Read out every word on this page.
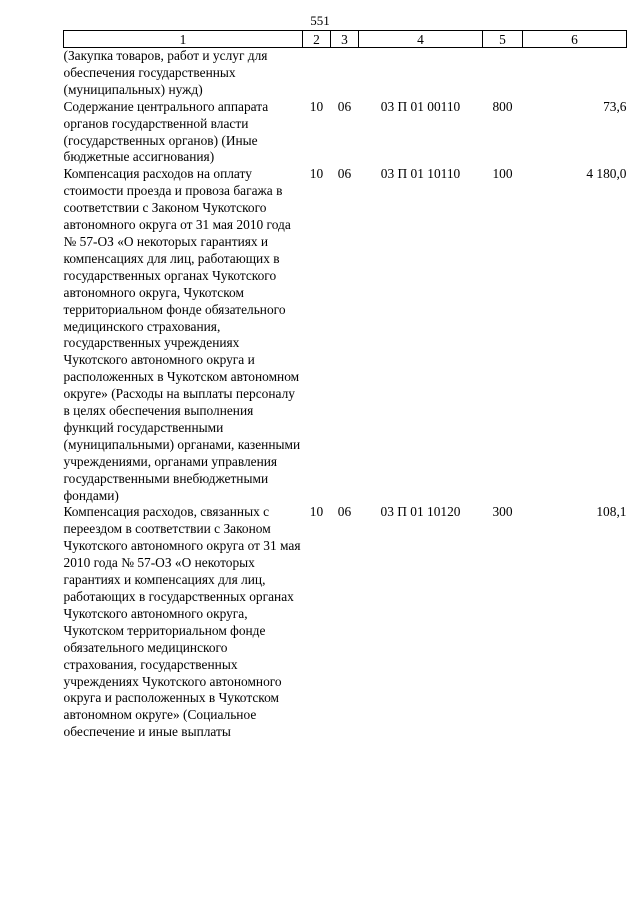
551
1	2	3	4	5	6
(Закупка товаров, работ и услуг для обеспечения государственных (муниципальных) нужд)					
Содержание центрального аппарата органов государственной власти (государственных органов) (Иные бюджетные ассигнования)	10	06	03 П 01 00110	800	73,6
Компенсация расходов на оплату стоимости проезда и провоза багажа в соответствии с Законом Чукотского автономного округа от 31 мая 2010 года № 57-ОЗ «О некоторых гарантиях и компенсациях для лиц, работающих в государственных органах Чукотского автономного округа, Чукотском территориальном фонде обязательного медицинского страхования, государственных учреждениях Чукотского автономного округа и расположенных в Чукотском автономном округе» (Расходы на выплаты персоналу в целях обеспечения выполнения функций государственными (муниципальными) органами, казенными учреждениями, органами управления государственными внебюджетными фондами)	10	06	03 П 01 10110	100	4 180,0
Компенсация расходов, связанных с переездом в соответствии с Законом Чукотского автономного округа от 31 мая 2010 года № 57-ОЗ «О некоторых гарантиях и компенсациях для лиц, работающих в государственных органах Чукотского автономного округа, Чукотском территориальном фонде обязательного медицинского страхования, государственных учреждениях Чукотского автономного округа и расположенных в Чукотском автономном округе» (Социальное обеспечение и иные выплаты	10	06	03 П 01 10120	300	108,1
